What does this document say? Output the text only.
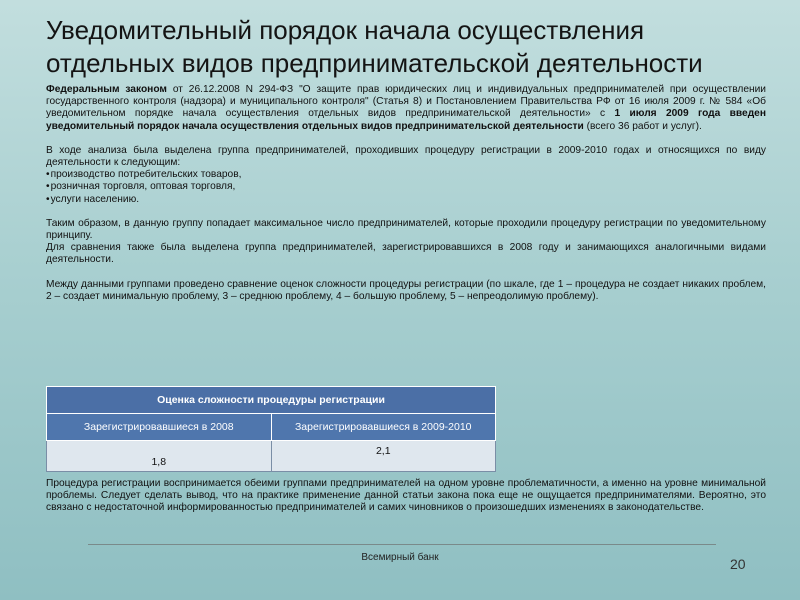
Уведомительный порядок начала осуществления
отдельных видов предпринимательской деятельности

Федеральным законом от 26.12.2008 N 294-ФЗ "О защите прав юридических лиц и индивидуальных предпринимателей при осуществлении государственного контроля (надзора) и муниципального контроля" (Статья 8) и Постановлением Правительства РФ от 16 июля 2009 г. № 584 «Об уведомительном порядке начала осуществления отдельных видов предпринимательской деятельности» с 1 июля 2009 года введен уведомительный порядок начала осуществления отдельных видов предпринимательской деятельности (всего 36 работ и услуг).

В ходе анализа была выделена группа предпринимателей, проходивших процедуру регистрации в 2009-2010 годах и относящихся по виду деятельности к следующим:

• производство потребительских товаров,
• розничная торговля, оптовая торговля,
• услуги населению.

Таким образом, в данную группу попадает максимальное число предпринимателей, которые проходили процедуру регистрации по уведомительному принципу.

Для сравнения также была выделена группа предпринимателей, зарегистрировавшихся в 2008 году и занимающихся аналогичными видами деятельности.

Между данными группами проведено сравнение оценок сложности процедуры регистрации (по шкале, где 1 – процедура не создает никаких проблем, 2 – создает минимальную проблему, 3 – среднюю проблему, 4 – большую проблему, 5 – непреодолимую проблему).

Оценка сложности процедуры регистрации	
Зарегистрировавшиеся в 2008	Зарегистрировавшиеся в 2009-2010
1,8	2,1

Процедура регистрации воспринимается обеими группами предпринимателей на одном уровне проблематичности, а именно на уровне минимальной проблемы. Следует сделать вывод, что на практике применение данной статьи закона пока еще не ощущается предпринимателями. Вероятно, это связано с недостаточной информированностью предпринимателей и самих чиновников о произошедших изменениях в законодательстве.

Всемирный банк	20
